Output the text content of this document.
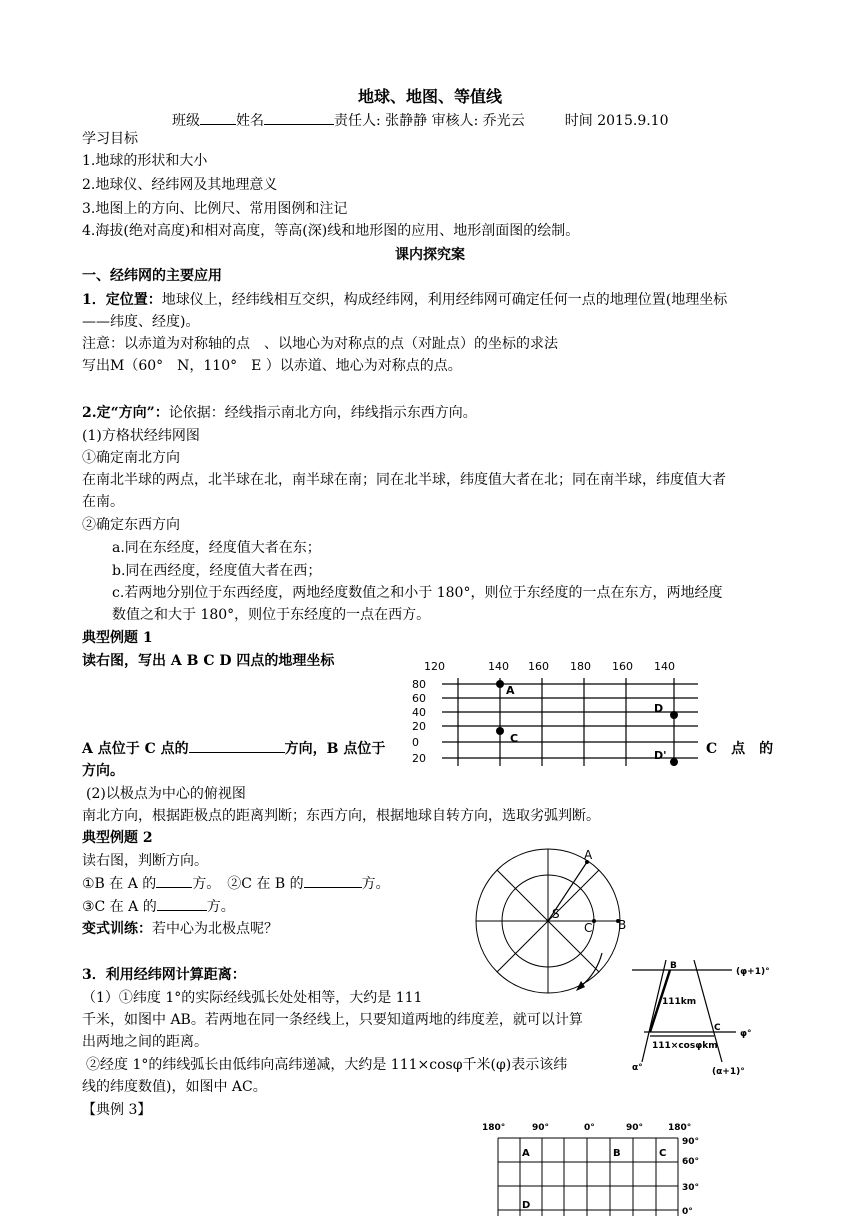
地球、地图、等值线
班级	姓名	责任人: 张静静 审核人: 乔光云	时间 2015.9.10
学习目标
1.地球的形状和大小
2.地球仪、经纬网及其地理意义
3.地图上的方向、比例尺、常用图例和注记
4.海拔(绝对高度)和相对高度，等高(深)线和地形图的应用、地形剖面图的绘制。
课内探究案
一、经纬网的主要应用
1．定位置：地球仪上，经纬线相互交织，构成经纬网，利用经纬网可确定任何一点的地理位置(地理坐标
——纬度、经度)。
注意：以赤道为对称轴的点　、以地心为对称点的点（对趾点）的坐标的求法
写出M（60°　N，110°　E ）以赤道、地心为对称点的点。
2.定“方向”：论依据：经线指示南北方向，纬线指示东西方向。
(1)方格状经纬网图
①确定南北方向
在南北半球的两点，北半球在北，南半球在南；同在北半球，纬度值大者在北；同在南半球，纬度值大者
在南。
②确定东西方向
a.同在东经度，经度值大者在东；
b.同在西经度，经度值大者在西；
c.若两地分别位于东西经度，两地经度数值之和小于 180°，则位于东经度的一点在东方，两地经度
数值之和大于 180°，则位于东经度的一点在西方。
典型例题 1
读右图，写出 A B C D 四点的地理坐标	120	140 160 180 160 140
80
60
40
20
0
20
A
C
D
D'
A 点位于 C 点的	方向，B 点位于	C　点　的
方向。
(2)以极点为中心的俯视图
南北方向，根据距极点的距离判断；东西方向，根据地球自转方向，选取劣弧判断。
典型例题 2
读右图，判断方向。
①B 在 A 的	方。　②C 在 B 的	方。
③C 在 A 的	方。
变式训练：若中心为北极点呢？
A
B
C
S
3．利用经纬网计算距离：
（1）①纬度 1°的实际经线弧长处处相等，大约是 111
千米，如图中 AB。若两地在同一条经线上，只要知道两地的纬度差，就可以计算
出两地之间的距离。
②经度 1°的纬线弧长由低纬向高纬递减，大约是 111×cosφ千米(φ)表示该纬
线的纬度数值)，如图中 AC。
【典例 3】
B
(φ+1)°
111km
C
φ°
111×cosφkm
α°	(α+1)°
180°	90°	0°	90°	180°
90°
60°
30°
0°
A	B	C
D
